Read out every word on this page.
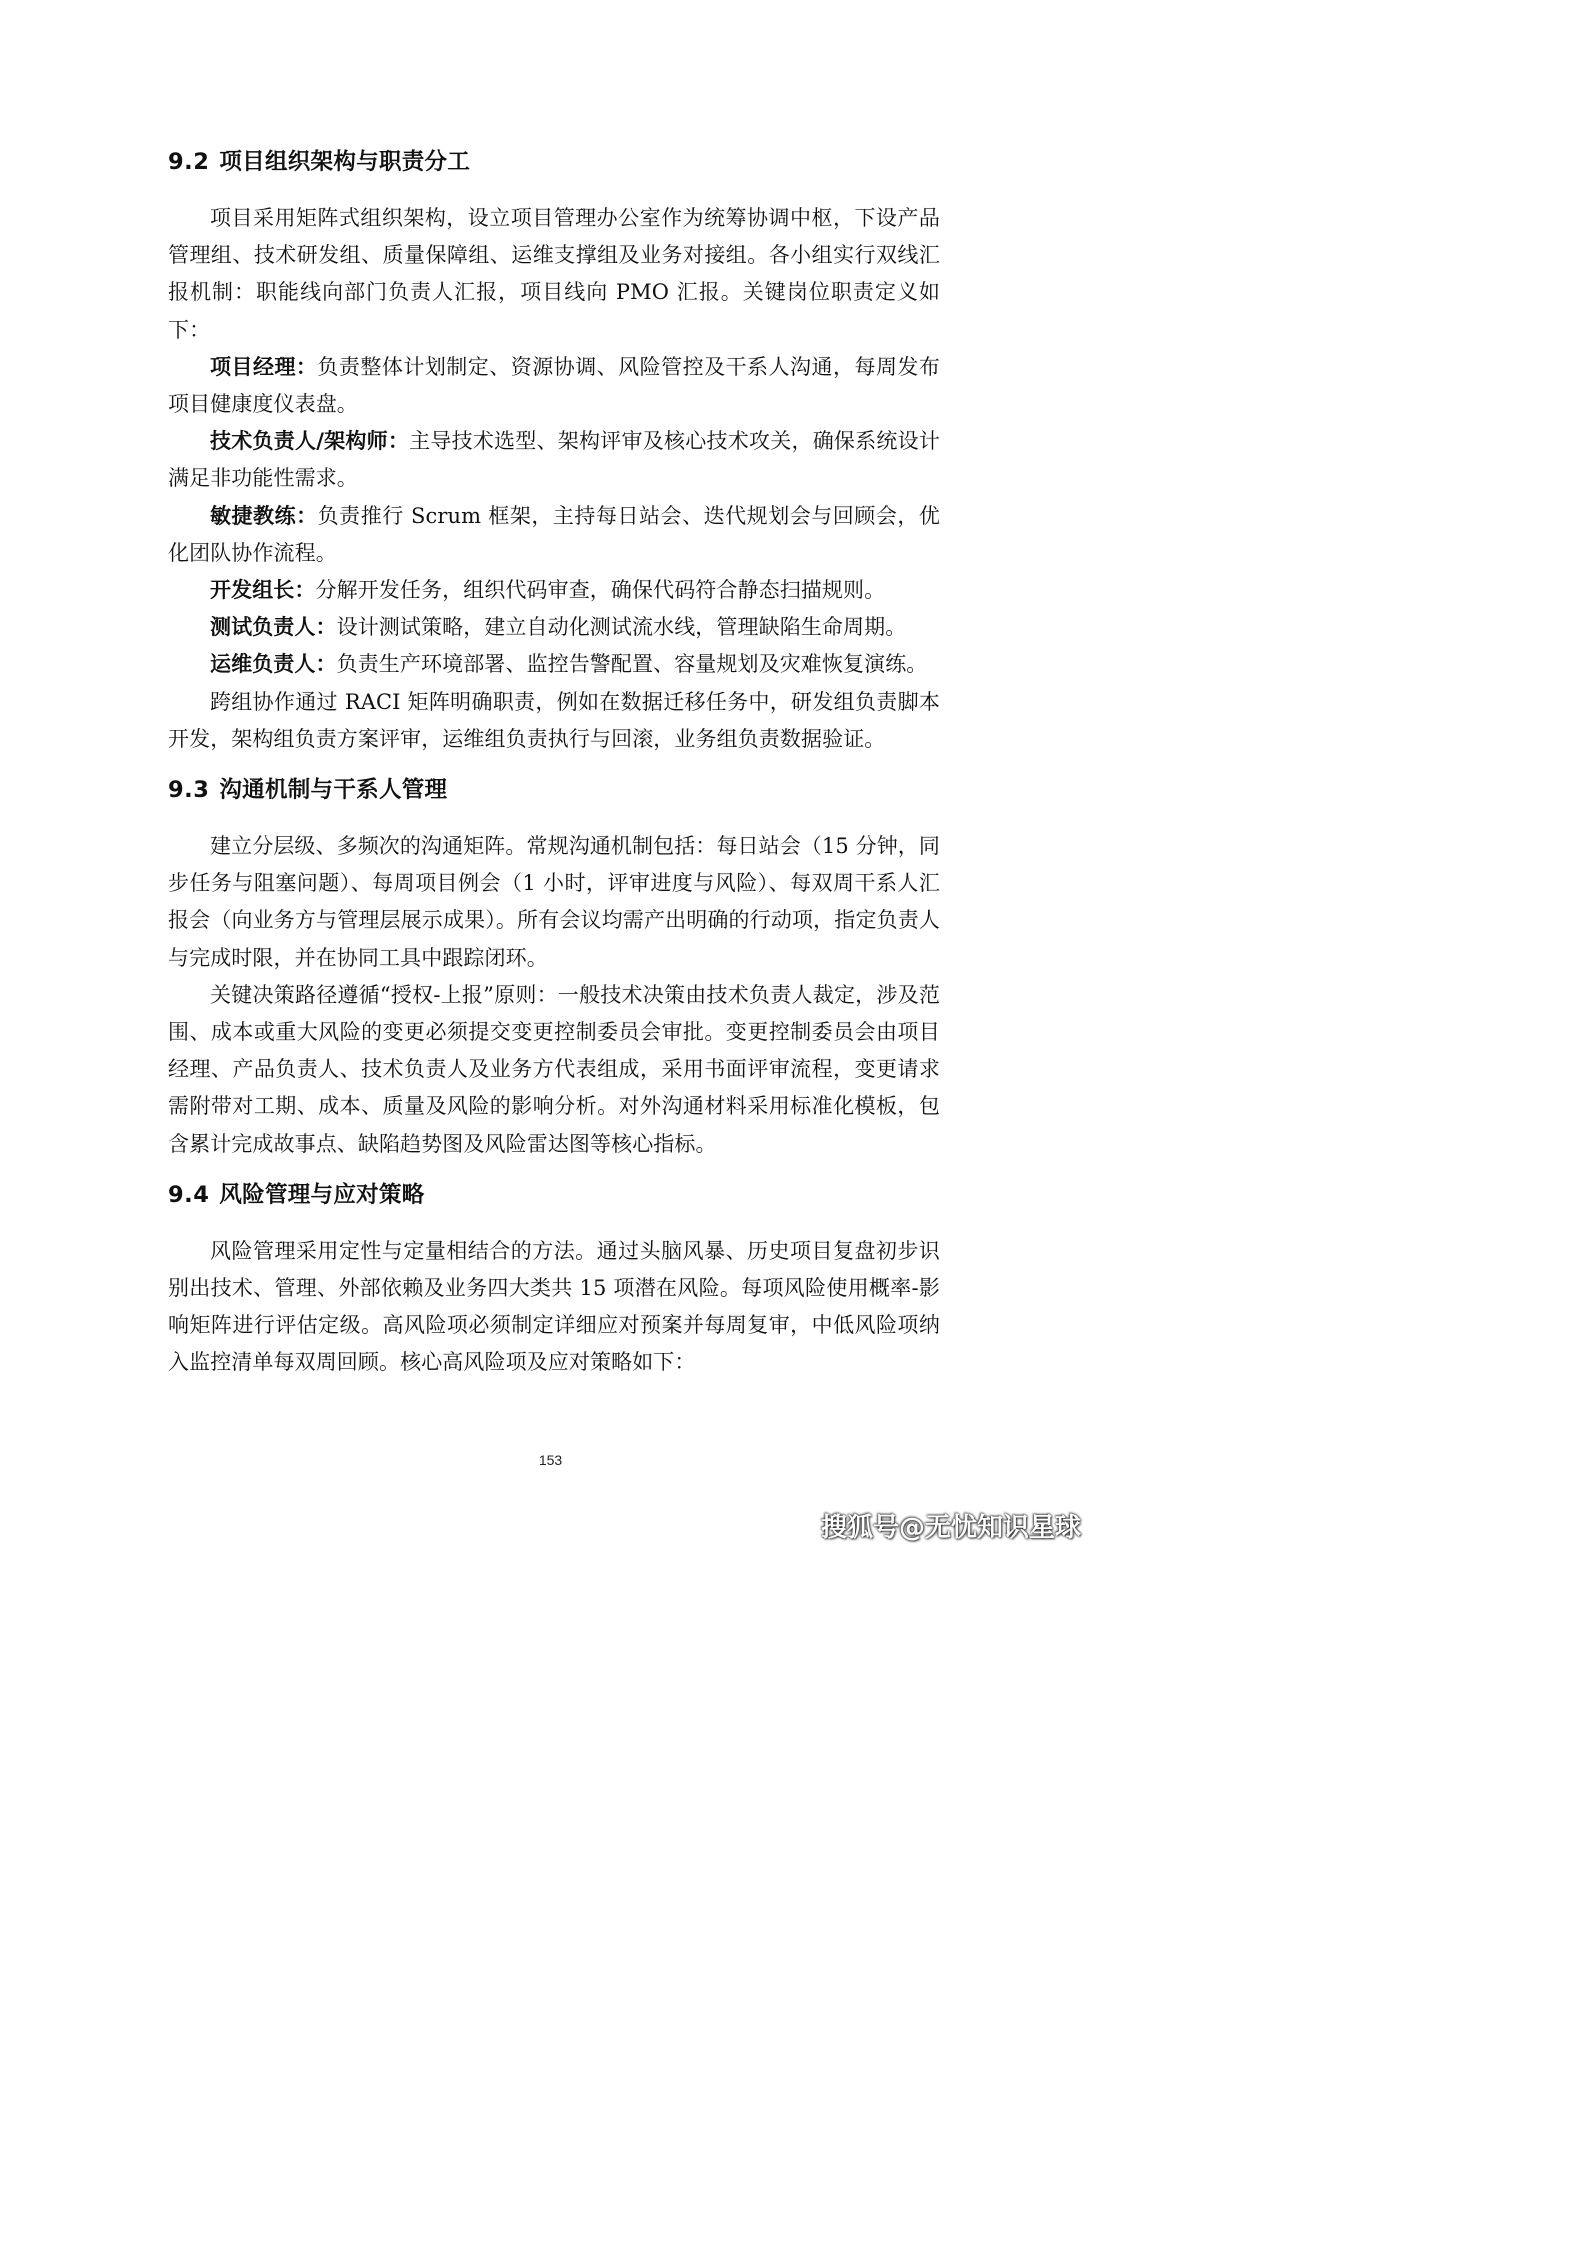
9.2 项目组织架构与职责分工

项目采用矩阵式组织架构，设立项目管理办公室作为统筹协调中枢，下设产品管理组、技术研发组、质量保障组、运维支撑组及业务对接组。各小组实行双线汇报机制：职能线向部门负责人汇报，项目线向 PMO 汇报。关键岗位职责定义如下：

项目经理：负责整体计划制定、资源协调、风险管控及干系人沟通，每周发布项目健康度仪表盘。

技术负责人/架构师：主导技术选型、架构评审及核心技术攻关，确保系统设计满足非功能性需求。

敏捷教练：负责推行 Scrum 框架，主持每日站会、迭代规划会与回顾会，优化团队协作流程。

开发组长：分解开发任务，组织代码审查，确保代码符合静态扫描规则。

测试负责人：设计测试策略，建立自动化测试流水线，管理缺陷生命周期。

运维负责人：负责生产环境部署、监控告警配置、容量规划及灾难恢复演练。

跨组协作通过 RACI 矩阵明确职责，例如在数据迁移任务中，研发组负责脚本开发，架构组负责方案评审，运维组负责执行与回滚，业务组负责数据验证。

9.3 沟通机制与干系人管理

建立分层级、多频次的沟通矩阵。常规沟通机制包括：每日站会（15 分钟，同步任务与阻塞问题）、每周项目例会（1 小时，评审进度与风险）、每双周干系人汇报会（向业务方与管理层展示成果）。所有会议均需产出明确的行动项，指定负责人与完成时限，并在协同工具中跟踪闭环。

关键决策路径遵循“授权-上报”原则：一般技术决策由技术负责人裁定，涉及范围、成本或重大风险的变更必须提交变更控制委员会审批。变更控制委员会由项目经理、产品负责人、技术负责人及业务方代表组成，采用书面评审流程，变更请求需附带对工期、成本、质量及风险的影响分析。对外沟通材料采用标准化模板，包含累计完成故事点、缺陷趋势图及风险雷达图等核心指标。

9.4 风险管理与应对策略

风险管理采用定性与定量相结合的方法。通过头脑风暴、历史项目复盘初步识别出技术、管理、外部依赖及业务四大类共 15 项潜在风险。每项风险使用概率-影响矩阵进行评估定级。高风险项必须制定详细应对预案并每周复审，中低风险项纳入监控清单每双周回顾。核心高风险项及应对策略如下：

153
搜狐号@无忧知识星球
